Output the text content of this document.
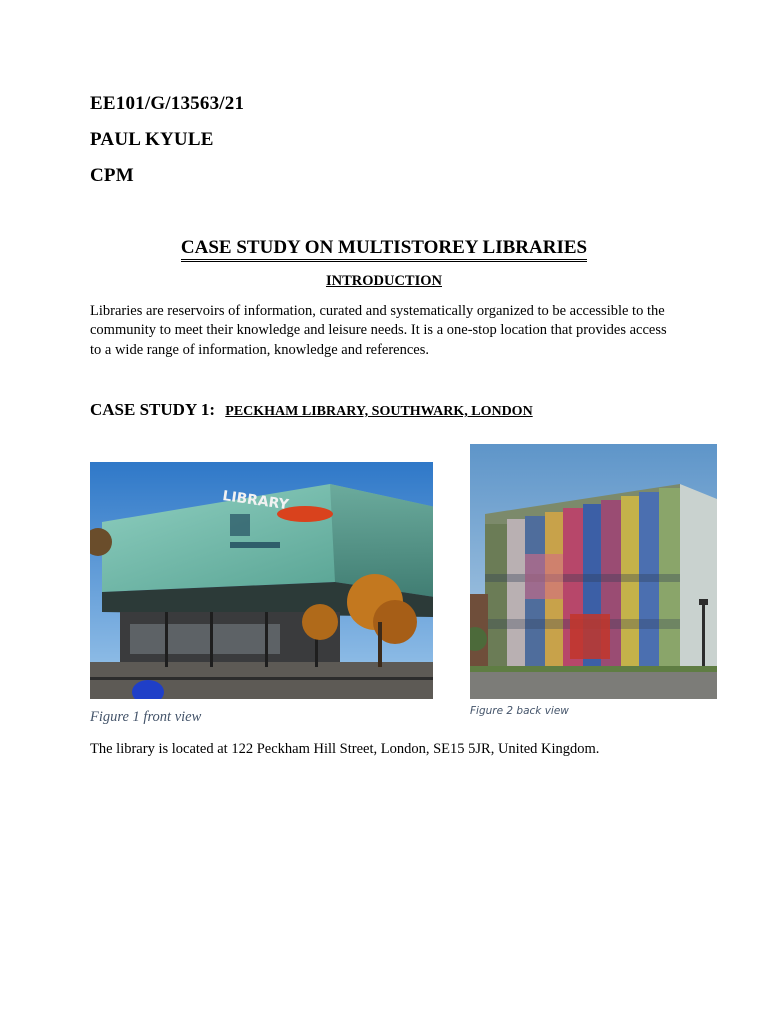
EE101/G/13563/21
PAUL KYULE
CPM
CASE STUDY ON MULTISTOREY LIBRARIES
INTRODUCTION
Libraries are reservoirs of information, curated and systematically organized to be accessible to the community to meet their knowledge and leisure needs. It is a one-stop location that provides access to a wide range of information, knowledge and references.
CASE STUDY 1: PECKHAM LIBRARY, SOUTHWARK, LONDON
LIBRARY
Figure 1 front view	Figure 2 back view
The library is located at 122 Peckham Hill Street, London, SE15 5JR, United Kingdom.
